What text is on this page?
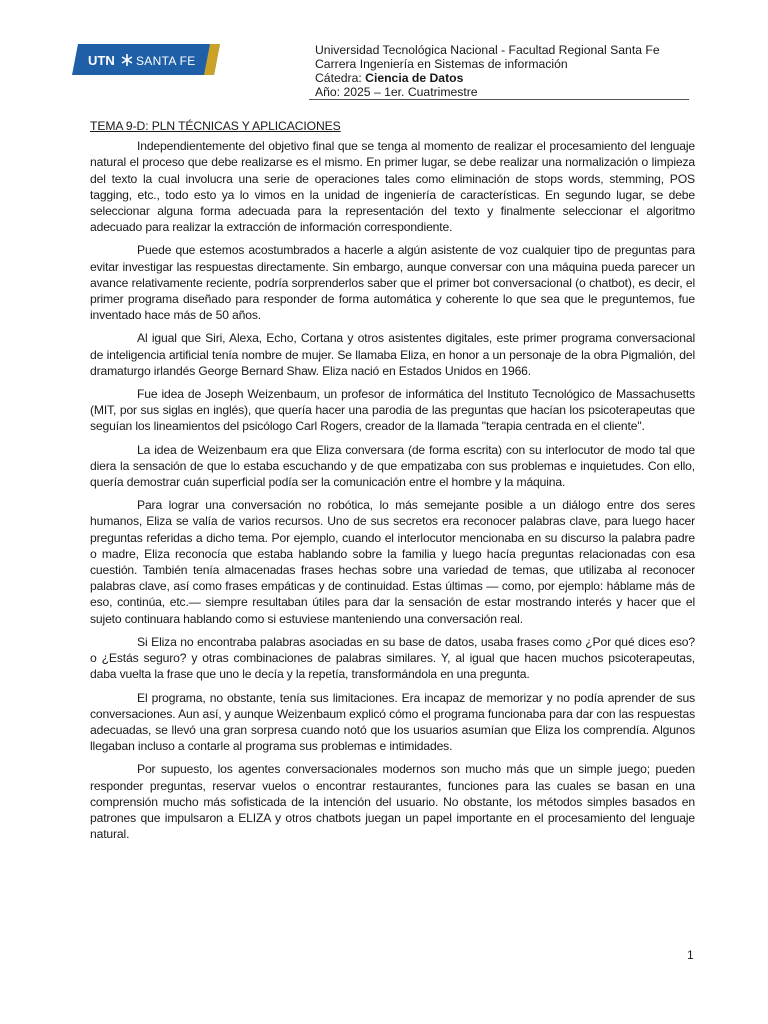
UTN SANTA FE
Universidad Tecnológica Nacional - Facultad Regional Santa Fe
Carrera Ingeniería en Sistemas de información
Cátedra: Ciencia de Datos
Año: 2025 – 1er. Cuatrimestre
TEMA 9-D: PLN TÉCNICAS Y APLICACIONES

Independientemente del objetivo final que se tenga al momento de realizar el procesamiento del lenguaje natural el proceso que debe realizarse es el mismo. En primer lugar, se debe realizar una normalización o limpieza del texto la cual involucra una serie de operaciones tales como eliminación de stops words, stemming, POS tagging, etc., todo esto ya lo vimos en la unidad de ingeniería de características. En segundo lugar, se debe seleccionar alguna forma adecuada para la representación del texto y finalmente seleccionar el algoritmo adecuado para realizar la extracción de información correspondiente.

Puede que estemos acostumbrados a hacerle a algún asistente de voz cualquier tipo de preguntas para evitar investigar las respuestas directamente. Sin embargo, aunque conversar con una máquina pueda parecer un avance relativamente reciente, podría sorprenderlos saber que el primer bot conversacional (o chatbot), es decir, el primer programa diseñado para responder de forma automática y coherente lo que sea que le preguntemos, fue inventado hace más de 50 años.

Al igual que Siri, Alexa, Echo, Cortana y otros asistentes digitales, este primer programa conversacional de inteligencia artificial tenía nombre de mujer. Se llamaba Eliza, en honor a un personaje de la obra Pigmalión, del dramaturgo irlandés George Bernard Shaw. Eliza nació en Estados Unidos en 1966.

Fue idea de Joseph Weizenbaum, un profesor de informática del Instituto Tecnológico de Massachusetts (MIT, por sus siglas en inglés), que quería hacer una parodia de las preguntas que hacían los psicoterapeutas que seguían los lineamientos del psicólogo Carl Rogers, creador de la llamada "terapia centrada en el cliente".

La idea de Weizenbaum era que Eliza conversara (de forma escrita) con su interlocutor de modo tal que diera la sensación de que lo estaba escuchando y de que empatizaba con sus problemas e inquietudes. Con ello, quería demostrar cuán superficial podía ser la comunicación entre el hombre y la máquina.

Para lograr una conversación no robótica, lo más semejante posible a un diálogo entre dos seres humanos, Eliza se valía de varios recursos. Uno de sus secretos era reconocer palabras clave, para luego hacer preguntas referidas a dicho tema. Por ejemplo, cuando el interlocutor mencionaba en su discurso la palabra padre o madre, Eliza reconocía que estaba hablando sobre la familia y luego hacía preguntas relacionadas con esa cuestión. También tenía almacenadas frases hechas sobre una variedad de temas, que utilizaba al reconocer palabras clave, así como frases empáticas y de continuidad. Estas últimas — como, por ejemplo: háblame más de eso, continúa, etc.— siempre resultaban útiles para dar la sensación de estar mostrando interés y hacer que el sujeto continuara hablando como si estuviese manteniendo una conversación real.

Si Eliza no encontraba palabras asociadas en su base de datos, usaba frases como ¿Por qué dices eso? o ¿Estás seguro? y otras combinaciones de palabras similares. Y, al igual que hacen muchos psicoterapeutas, daba vuelta la frase que uno le decía y la repetía, transformándola en una pregunta.

El programa, no obstante, tenía sus limitaciones. Era incapaz de memorizar y no podía aprender de sus conversaciones. Aun así, y aunque Weizenbaum explicó cómo el programa funcionaba para dar con las respuestas adecuadas, se llevó una gran sorpresa cuando notó que los usuarios asumían que Eliza los comprendía. Algunos llegaban incluso a contarle al programa sus problemas e intimidades.

Por supuesto, los agentes conversacionales modernos son mucho más que un simple juego; pueden responder preguntas, reservar vuelos o encontrar restaurantes, funciones para las cuales se basan en una comprensión mucho más sofisticada de la intención del usuario. No obstante, los métodos simples basados en patrones que impulsaron a ELIZA y otros chatbots juegan un papel importante en el procesamiento del lenguaje natural.

1
